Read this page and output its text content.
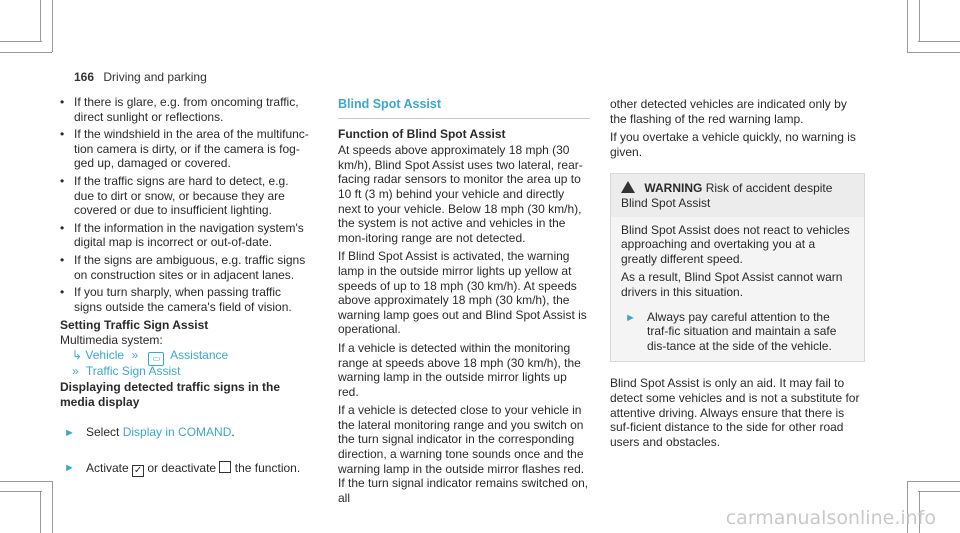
166 Driving and parking
• If there is glare, e.g. from oncoming traffic, direct sunlight or reflections.
• If the windshield in the area of the multifunc-tion camera is dirty, or if the camera is fog-ged up, damaged or covered.
• If the traffic signs are hard to detect, e.g. due to dirt or snow, or because they are covered or due to insufficient lighting.
• If the information in the navigation system's digital map is incorrect or out-of-date.
• If the signs are ambiguous, e.g. traffic signs on construction sites or in adjacent lanes.
• If you turn sharply, when passing traffic signs outside the camera's field of vision.
Setting Traffic Sign Assist
Multimedia system:
↳ Vehicle » ▭ Assistance
» Traffic Sign Assist
Displaying detected traffic signs in the
media display
► Select Display in COMAND.
► Activate ✓ or deactivate the function.
Blind Spot Assist
Function of Blind Spot Assist

At speeds above approximately 18 mph (30 km/h), Blind Spot Assist uses two lateral, rear-facing radar sensors to monitor the area up to 10 ft (3 m) behind your vehicle and directly next to your vehicle. Below 18 mph (30 km/h), the system is not active and vehicles in the mon-itoring range are not detected.

If Blind Spot Assist is activated, the warning lamp in the outside mirror lights up yellow at speeds of up to 18 mph (30 km/h). At speeds above approximately 18 mph (30 km/h), the warning lamp goes out and Blind Spot Assist is operational.

If a vehicle is detected within the monitoring range at speeds above 18 mph (30 km/h), the warning lamp in the outside mirror lights up red.

If a vehicle is detected close to your vehicle in the lateral monitoring range and you switch on the turn signal indicator in the corresponding direction, a warning tone sounds once and the warning lamp in the outside mirror flashes red. If the turn signal indicator remains switched on, all

other detected vehicles are indicated only by the flashing of the red warning lamp.

If you overtake a vehicle quickly, no warning is given.

WARNING Risk of accident despite Blind Spot Assist

Blind Spot Assist does not react to vehicles approaching and overtaking you at a greatly different speed.

As a result, Blind Spot Assist cannot warn drivers in this situation.

► Always pay careful attention to the traf-fic situation and maintain a safe dis-tance at the side of the vehicle.

Blind Spot Assist is only an aid. It may fail to detect some vehicles and is not a substitute for attentive driving. Always ensure that there is suf-ficient distance to the side for other road users and obstacles.

carmanualsonline.info
